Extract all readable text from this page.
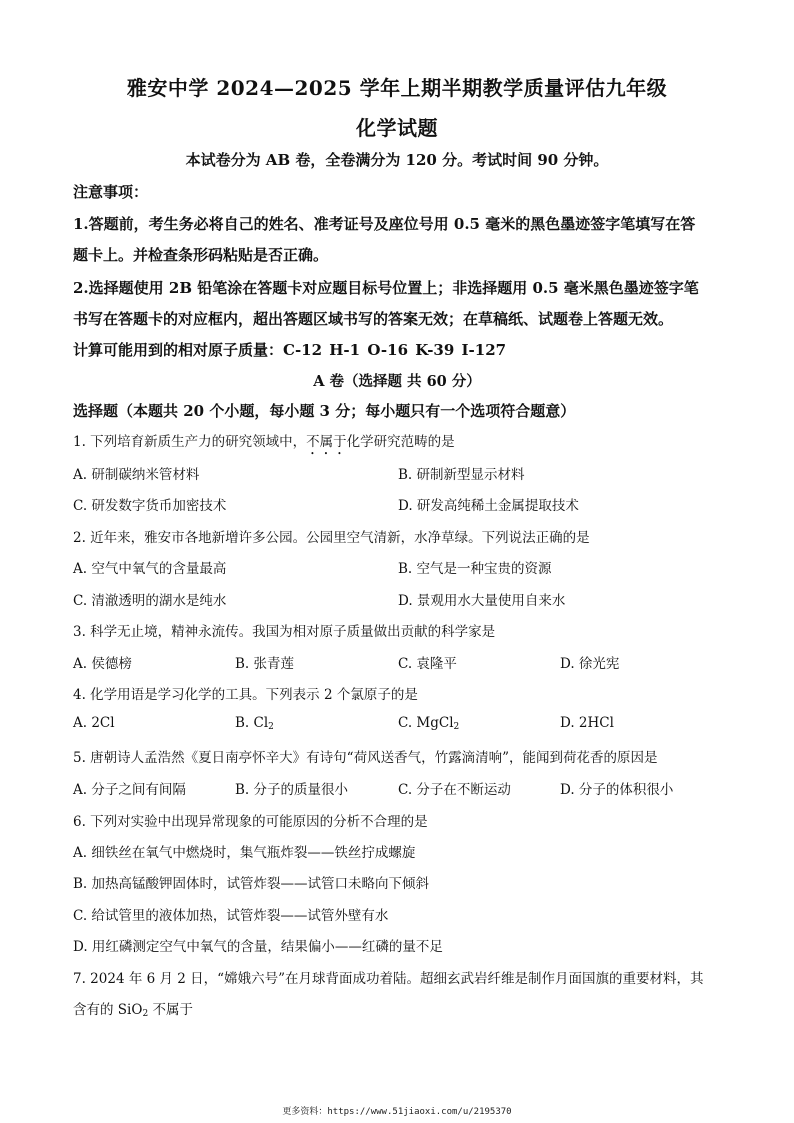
雅安中学 2024—2025 学年上期半期教学质量评估九年级
化学试题
本试卷分为 AB 卷，全卷满分为 120 分。考试时间 90 分钟。
注意事项：
1.答题前，考生务必将自己的姓名、准考证号及座位号用 0.5 毫米的黑色墨迹签字笔填写在答
题卡上。并检查条形码粘贴是否正确。
2.选择题使用 2B 铅笔涂在答题卡对应题目标号位置上；非选择题用 0.5 毫米黑色墨迹签字笔
书写在答题卡的对应框内，超出答题区域书写的答案无效；在草稿纸、试题卷上答题无效。
计算可能用到的相对原子质量：C-12 H-1 O-16 K-39 I-127
A 卷（选择题 共 60 分）
选择题（本题共 20 个小题，每小题 3 分；每小题只有一个选项符合题意）
1. 下列培育新质生产力的研究领域中，不属于化学研究范畴的是
A. 研制碳纳米管材料	B. 研制新型显示材料
C. 研发数字货币加密技术	D. 研发高纯稀土金属提取技术
2. 近年来，雅安市各地新增许多公园。公园里空气清新，水净草绿。下列说法正确的是
A. 空气中氧气的含量最高	B. 空气是一种宝贵的资源
C. 清澈透明的湖水是纯水	D. 景观用水大量使用自来水
3. 科学无止境，精神永流传。我国为相对原子质量做出贡献的科学家是
A. 侯德榜	B. 张青莲	C. 袁隆平	D. 徐光宪
4. 化学用语是学习化学的工具。下列表示 2 个氯原子的是
A. 2Cl	B. $Cl_2$	C. MgCl$_2$	D. 2HCl
5. 唐朝诗人孟浩然《夏日南亭怀辛大》有诗句“荷风送香气，竹露滴清响”，能闻到荷花香的原因是
A. 分子之间有间隔	B. 分子的质量很小	C. 分子在不断运动	D. 分子的体积很小
6. 下列对实验中出现异常现象的可能原因的分析不合理的是
A. 细铁丝在氧气中燃烧时，集气瓶炸裂——铁丝拧成螺旋
B. 加热高锰酸钾固体时，试管炸裂——试管口未略向下倾斜
C. 给试管里的液体加热，试管炸裂——试管外壁有水
D. 用红磷测定空气中氧气的含量，结果偏小——红磷的量不足
7. 2024 年 6 月 2 日，“嫦娥六号”在月球背面成功着陆。超细玄武岩纤维是制作月面国旗的重要材料，其
含有的 SiO$_2$ 不属于
更多资料：https://www.51jiaoxi.com/u/2195370
